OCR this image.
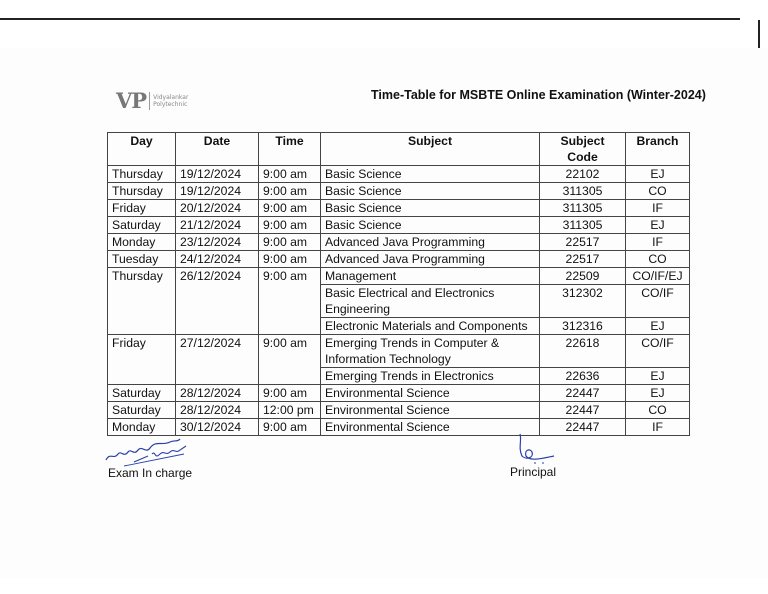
VP Vidyalankar
Polytechnic
Time-Table for MSBTE Online Examination (Winter-2024)
Day	Date	Time	Subject	Subject Code	Branch
Thursday	19/12/2024	9:00 am	Basic Science	22102	EJ
Thursday	19/12/2024	9:00 am	Basic Science	311305	CO
Friday	20/12/2024	9:00 am	Basic Science	311305	IF
Saturday	21/12/2024	9:00 am	Basic Science	311305	EJ
Monday	23/12/2024	9:00 am	Advanced Java Programming	22517	IF
Tuesday	24/12/2024	9:00 am	Advanced Java Programming	22517	CO
Thursday	26/12/2024	9:00 am	Management	22509	CO/IF/EJ

			Basic Electrical and Electronics
Engineering	312302	CO/IF
			Electronic Materials and Components	312316	EJ
Friday	27/12/2024	9:00 am	Emerging Trends in Computer &
Information Technology	22618	CO/IF
			Emerging Trends in Electronics	22636	EJ
Saturday	28/12/2024	9:00 am	Environmental Science	22447	EJ
Saturday	28/12/2024	12:00 pm	Environmental Science	22447	CO
Monday	30/12/2024	9:00 am	Environmental Science	22447	IF
Exam In charge	Principal
